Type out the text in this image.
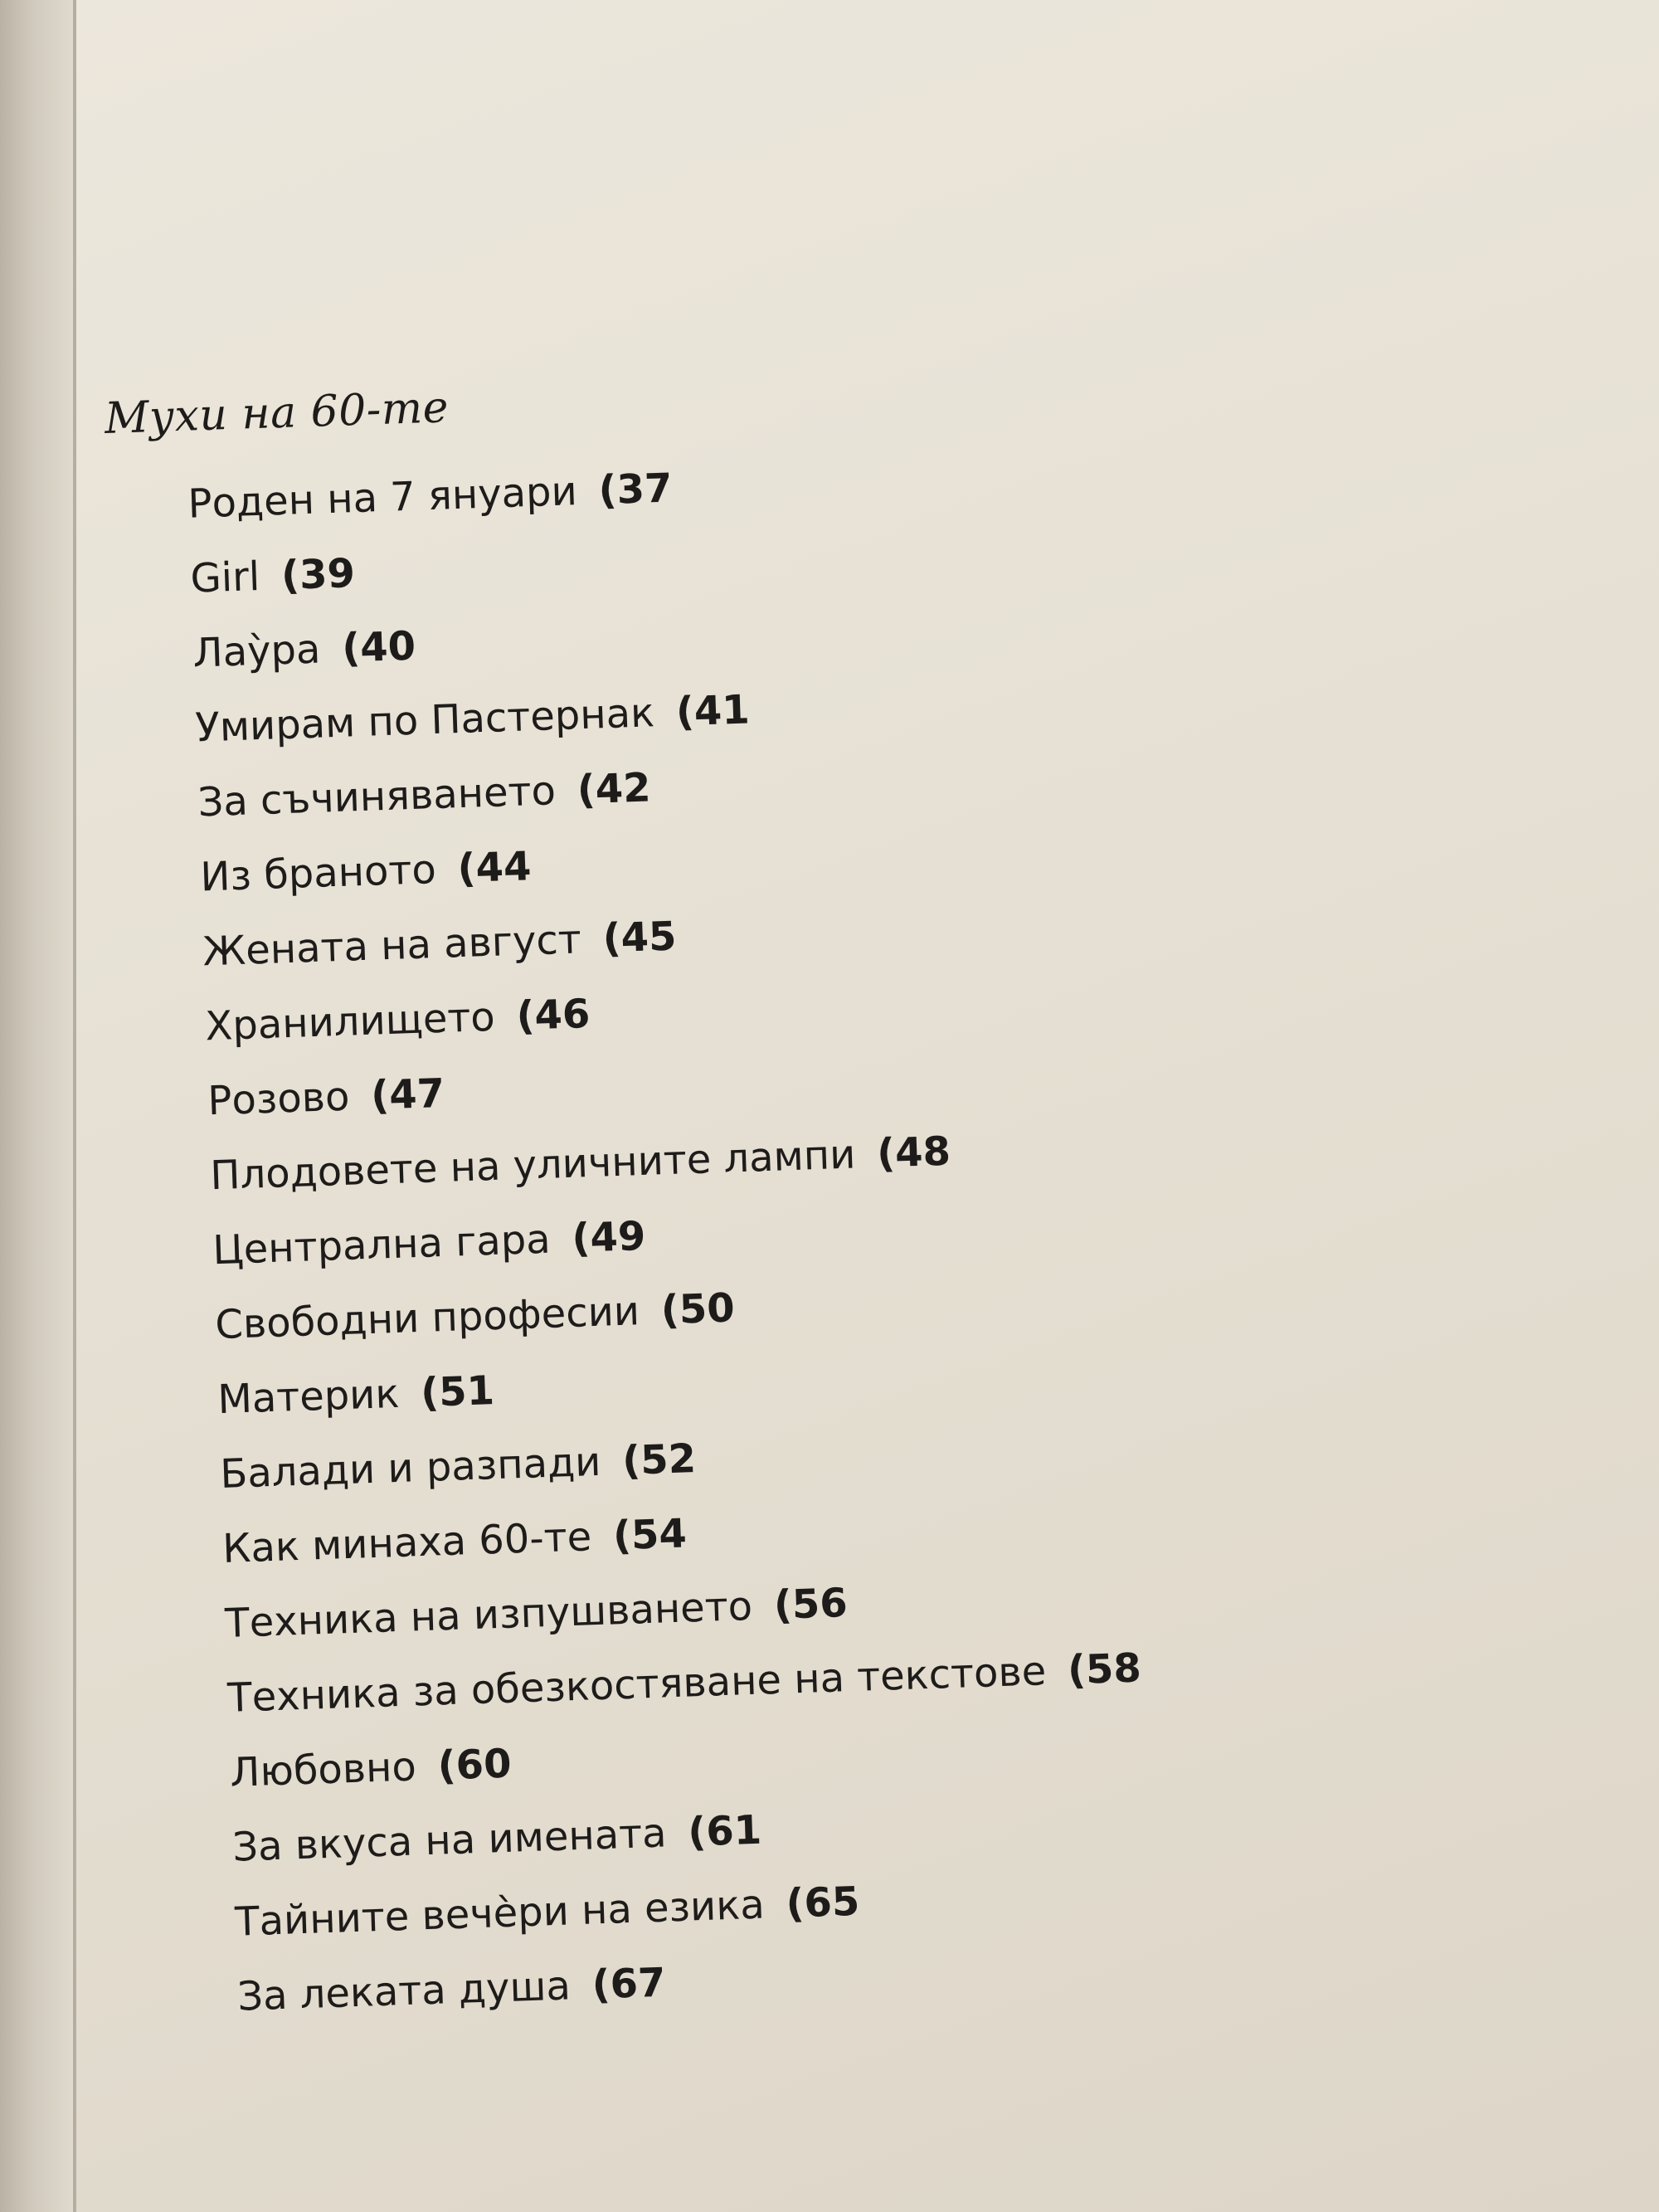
Мухи на 60-те
Роден на 7 януари (37
Girl (39
Лаỳра (40
Умирам по Пастернак (41
За съчиняването (42
Из браното (44
Жената на август (45
Хранилището (46
Розово (47
Плодовете на уличните лампи (48
Централна гара (49
Свободни професии (50
Материк (51
Балади и разпади (52
Как минаха 60-те (54
Техника на изпушването (56
Техника за обезкостяване на текстове (58
Любовно (60
За вкуса на имената (61
Тайните вечèри на езика (65
За леката душа (67
